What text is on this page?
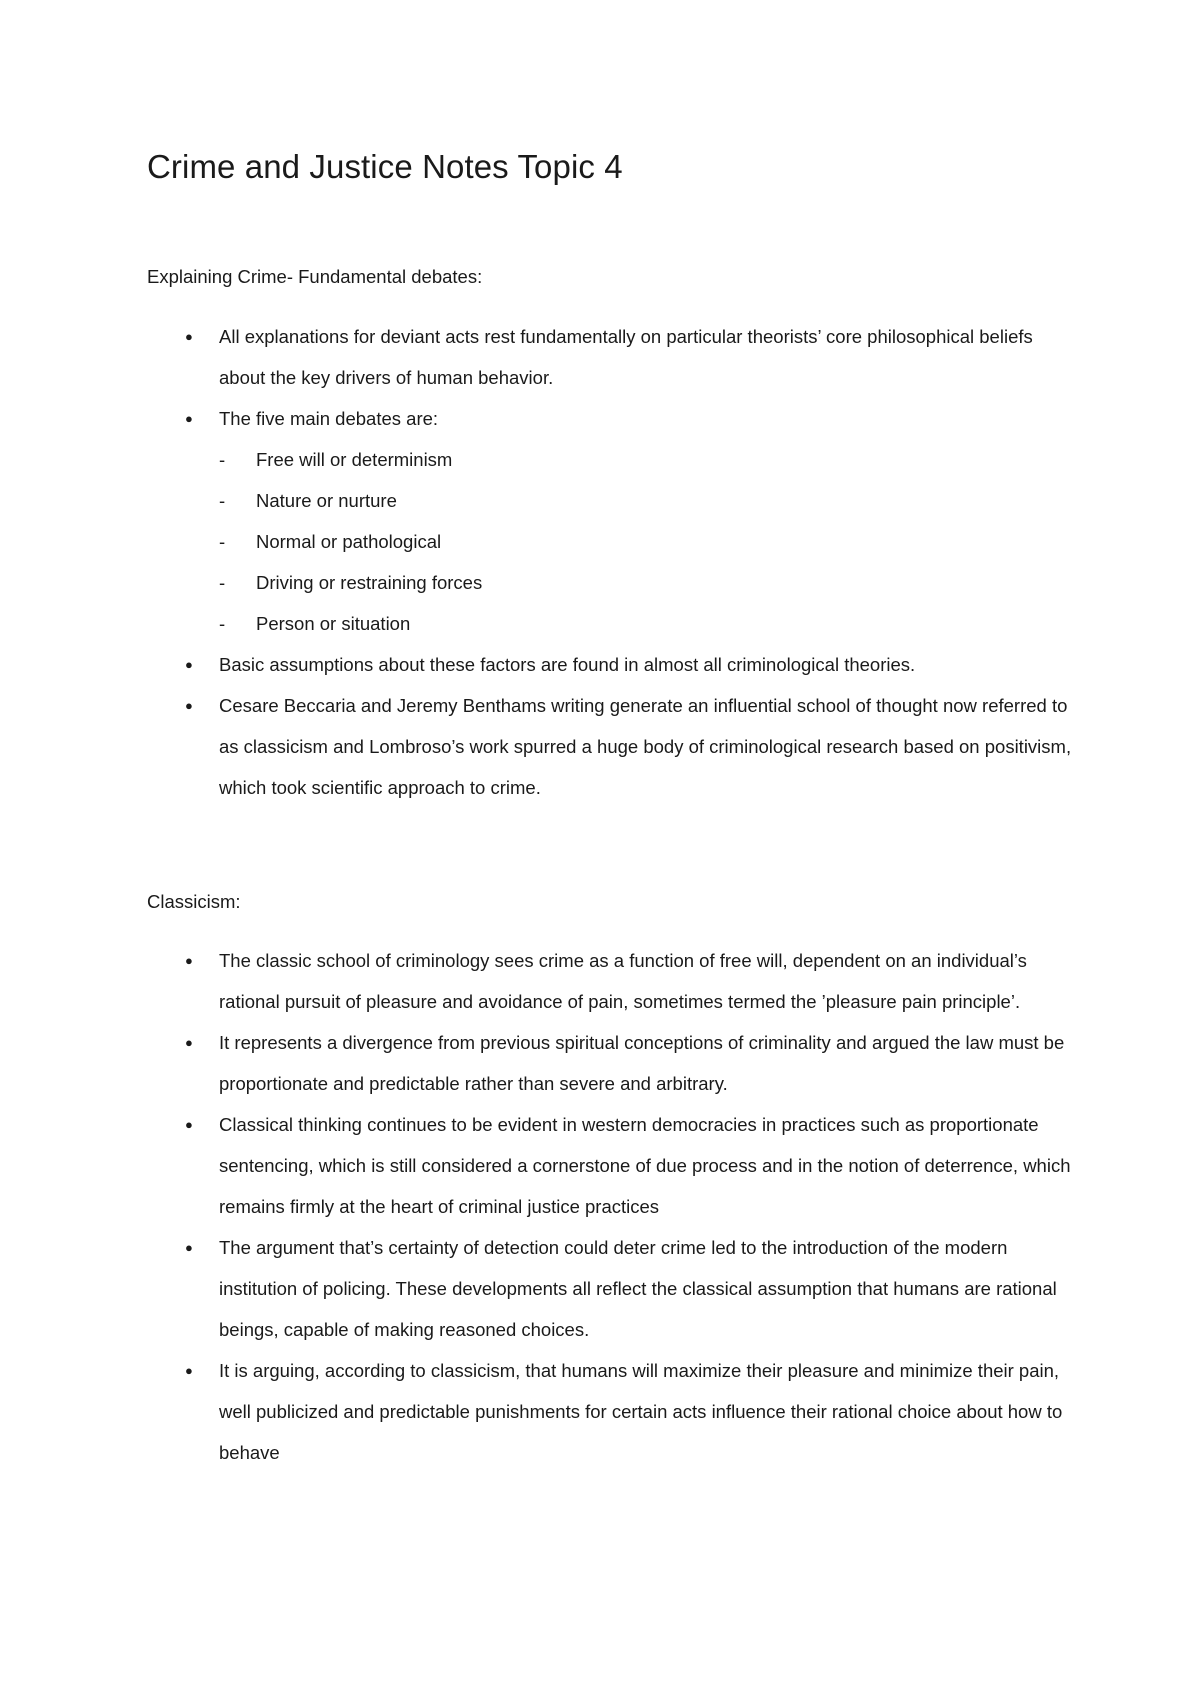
Crime and Justice Notes Topic 4
Explaining Crime- Fundamental debates:
● All explanations for deviant acts rest fundamentally on particular theorists’ core philosophical beliefs about the key drivers of human behavior.
● The five main debates are:
- Free will or determinism
- Nature or nurture
- Normal or pathological
- Driving or restraining forces
- Person or situation
● Basic assumptions about these factors are found in almost all criminological theories.
● Cesare Beccaria and Jeremy Benthams writing generate an influential school of thought now referred to as classicism and Lombroso’s work spurred a huge body of criminological research based on positivism, which took scientific approach to crime.
Classicism:
● The classic school of criminology sees crime as a function of free will, dependent on an individual’s rational pursuit of pleasure and avoidance of pain, sometimes termed the ’pleasure pain principle’.
● It represents a divergence from previous spiritual conceptions of criminality and argued the law must be proportionate and predictable rather than severe and arbitrary.
● Classical thinking continues to be evident in western democracies in practices such as proportionate sentencing, which is still considered a cornerstone of due process and in the notion of deterrence, which remains firmly at the heart of criminal justice practices
● The argument that’s certainty of detection could deter crime led to the introduction of the modern institution of policing. These developments all reflect the classical assumption that humans are rational beings, capable of making reasoned choices.
● It is arguing, according to classicism, that humans will maximize their pleasure and minimize their pain, well publicized and predictable punishments for certain acts influence their rational choice about how to behave
